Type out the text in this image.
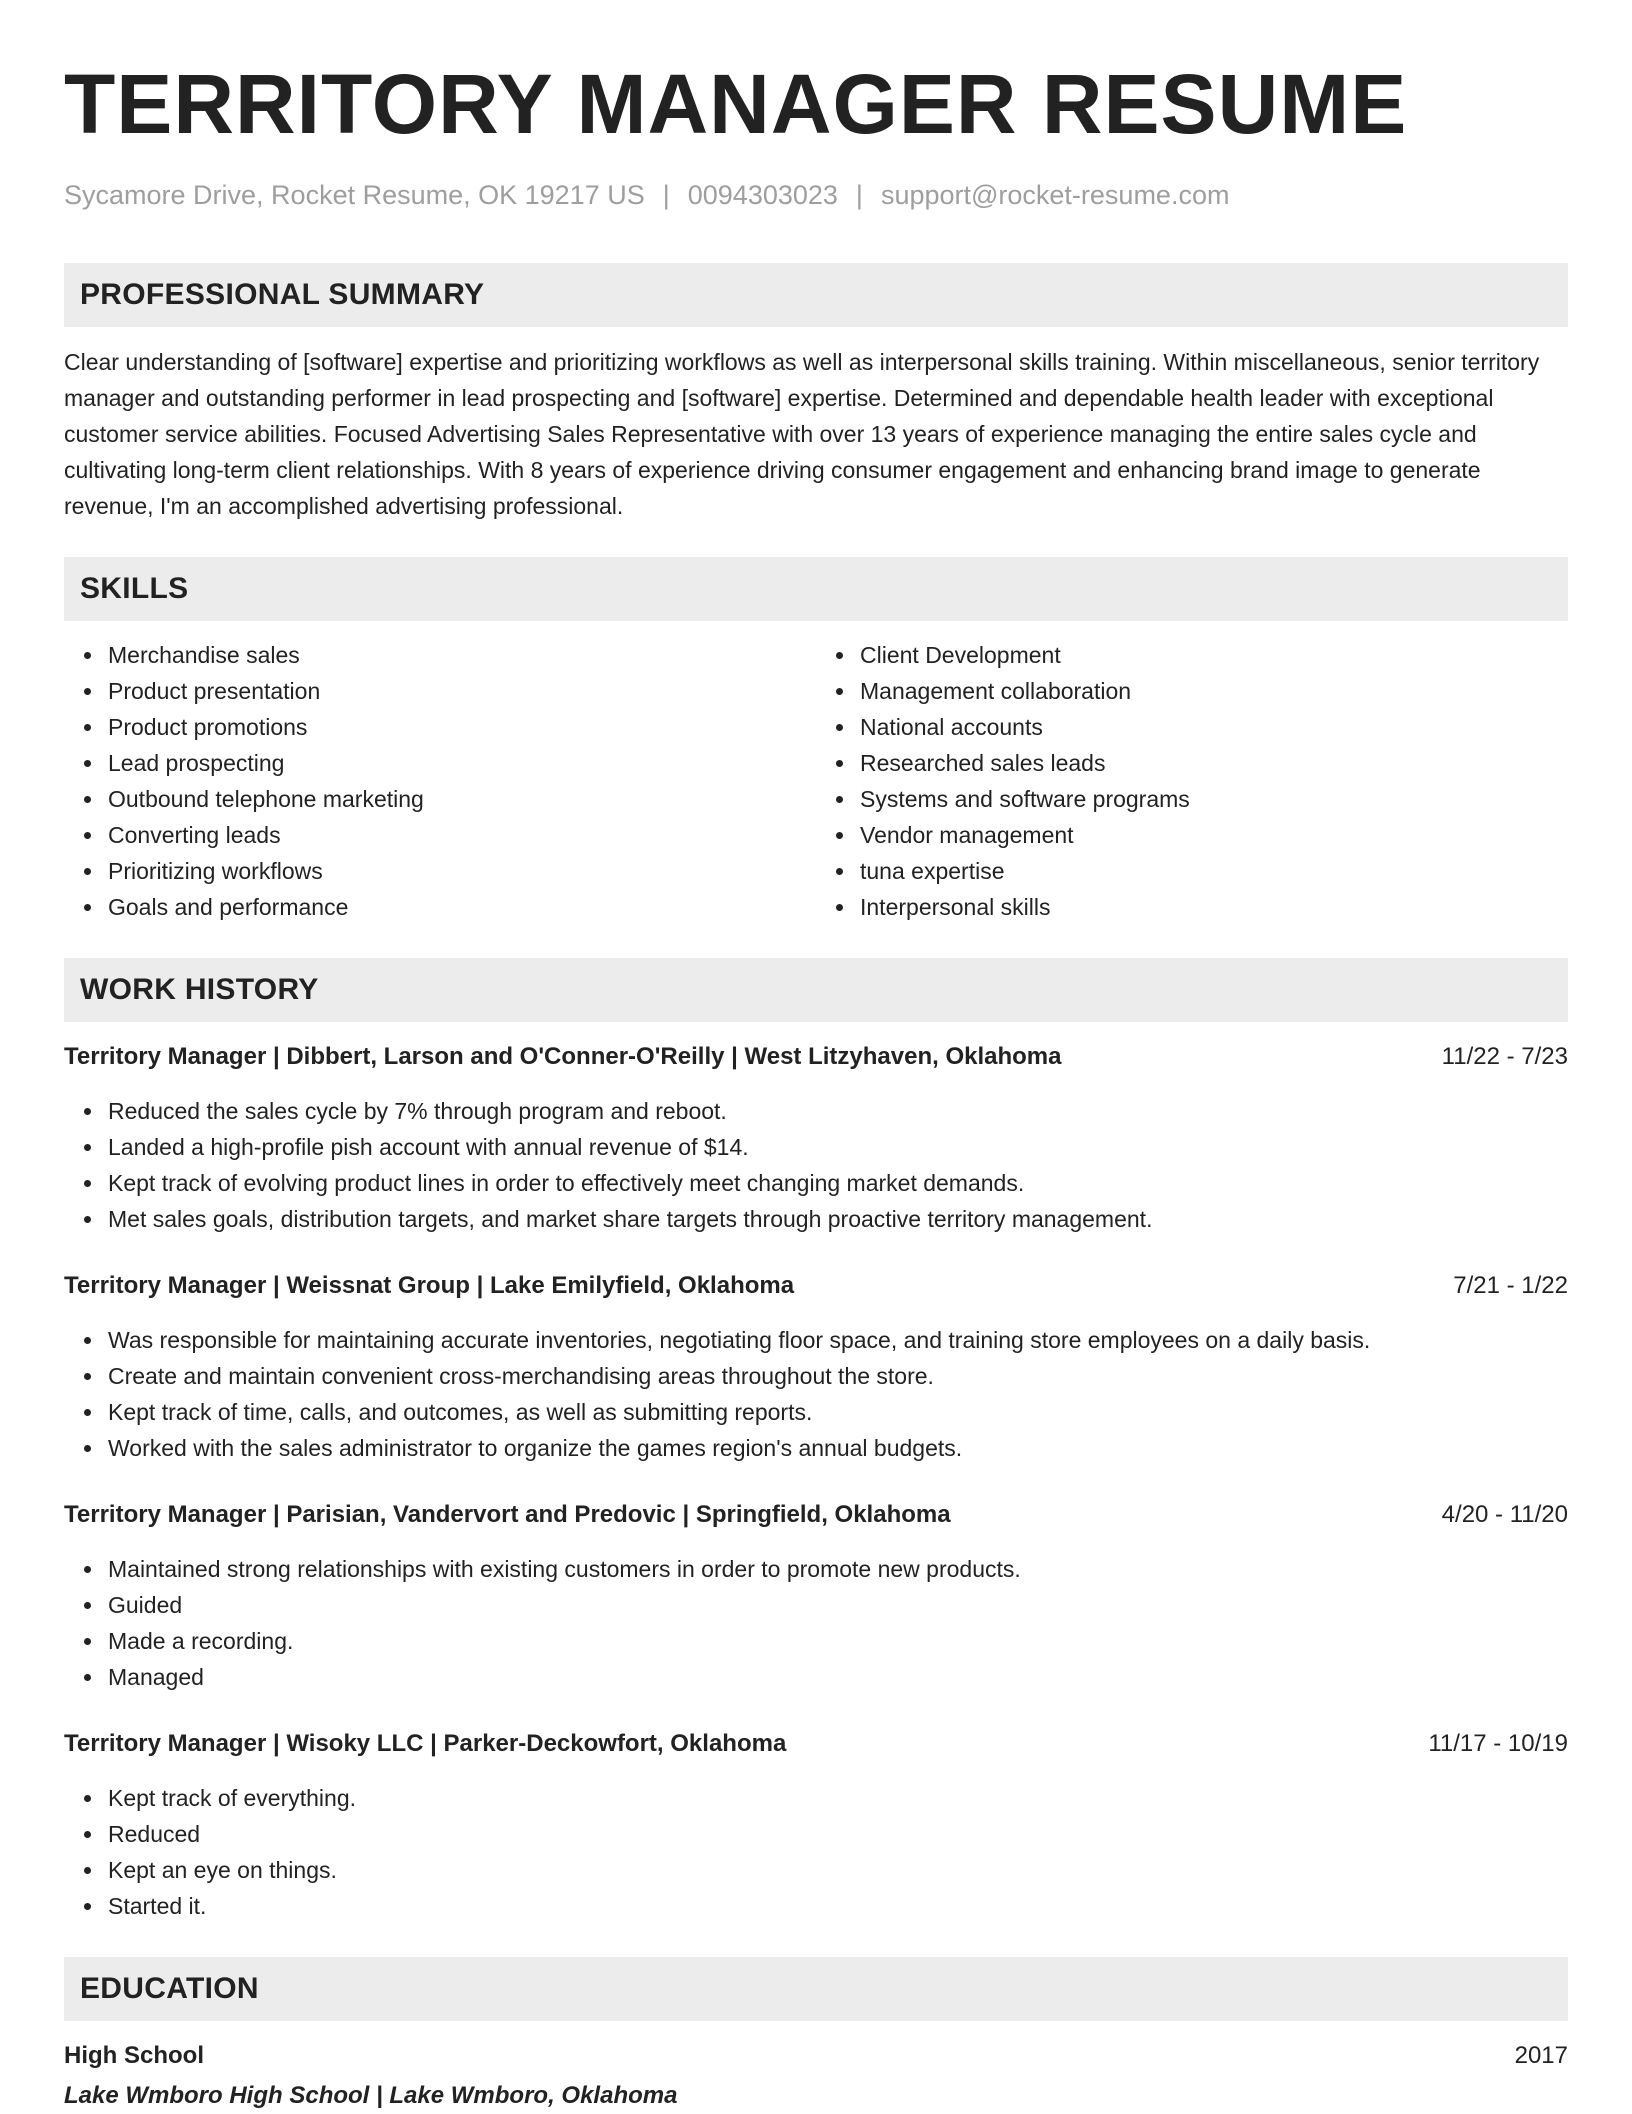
TERRITORY MANAGER RESUME
Sycamore Drive, Rocket Resume, OK 19217 US | 0094303023 | support@rocket-resume.com
PROFESSIONAL SUMMARY
Clear understanding of [software] expertise and prioritizing workflows as well as interpersonal skills training. Within miscellaneous, senior territory manager and outstanding performer in lead prospecting and [software] expertise. Determined and dependable health leader with exceptional customer service abilities. Focused Advertising Sales Representative with over 13 years of experience managing the entire sales cycle and cultivating long-term client relationships. With 8 years of experience driving consumer engagement and enhancing brand image to generate revenue, I'm an accomplished advertising professional.
SKILLS
Merchandise sales
Product presentation
Product promotions
Lead prospecting
Outbound telephone marketing
Converting leads
Prioritizing workflows
Goals and performance
Client Development
Management collaboration
National accounts
Researched sales leads
Systems and software programs
Vendor management
tuna expertise
Interpersonal skills
WORK HISTORY
Territory Manager | Dibbert, Larson and O'Conner-O'Reilly | West Litzyhaven, Oklahoma	11/22 - 7/23
Reduced the sales cycle by 7% through program and reboot.
Landed a high-profile pish account with annual revenue of $14.
Kept track of evolving product lines in order to effectively meet changing market demands.
Met sales goals, distribution targets, and market share targets through proactive territory management.
Territory Manager | Weissnat Group | Lake Emilyfield, Oklahoma	7/21 - 1/22
Was responsible for maintaining accurate inventories, negotiating floor space, and training store employees on a daily basis.
Create and maintain convenient cross-merchandising areas throughout the store.
Kept track of time, calls, and outcomes, as well as submitting reports.
Worked with the sales administrator to organize the games region's annual budgets.
Territory Manager | Parisian, Vandervort and Predovic | Springfield, Oklahoma	4/20 - 11/20
Maintained strong relationships with existing customers in order to promote new products.
Guided
Made a recording.
Managed
Territory Manager | Wisoky LLC | Parker-Deckowfort, Oklahoma	11/17 - 10/19
Kept track of everything.
Reduced
Kept an eye on things.
Started it.
EDUCATION
High School	2017
Lake Wmboro High School | Lake Wmboro, Oklahoma
